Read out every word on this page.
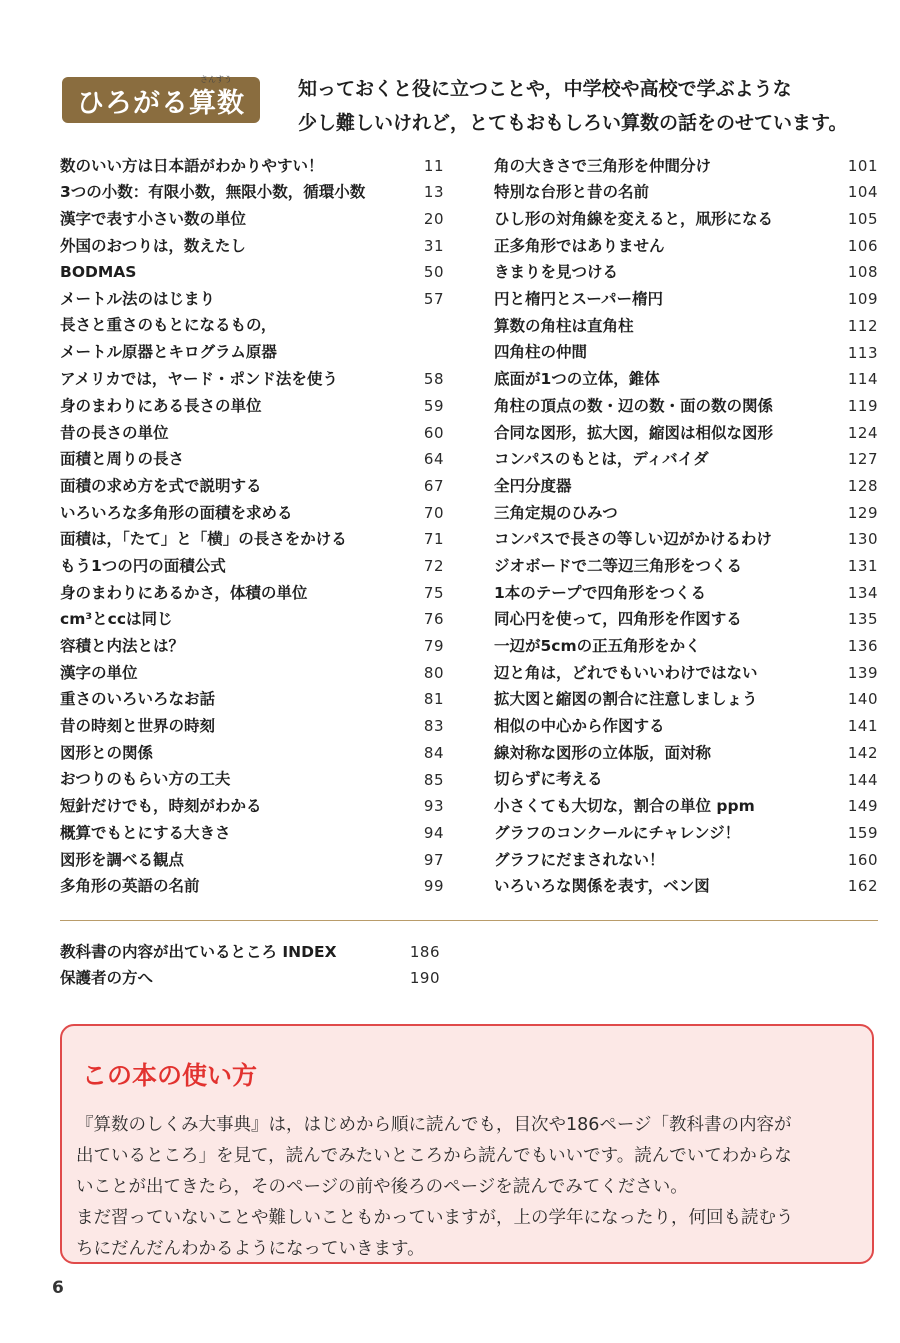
ひろがる算数
さんすう	知っておくと役に立つことや，中学校や高校で学ぶような
少し難しいけれど，とてもおもしろい算数の話をのせています。
数のいい方は日本語がわかりやすい！	11
3つの小数：有限小数，無限小数，循環小数	13
漢字で表す小さい数の単位	20
外国のおつりは，数えたし	31
BODMAS	50
メートル法のはじまり	57
長さと重さのもとになるもの，
メートル原器とキログラム原器
アメリカでは，ヤード・ポンド法を使う	58
身のまわりにある長さの単位	59
昔の長さの単位	60
面積と周りの長さ	64
面積の求め方を式で説明する	67
いろいろな多角形の面積を求める	70
面積は，「たて」と「横」の長さをかける	71
もう1つの円の面積公式	72
身のまわりにあるかさ，体積の単位	75
cm³とccは同じ	76
容積と内法とは？	79
漢字の単位	80
重さのいろいろなお話	81
昔の時刻と世界の時刻	83
図形との関係	84
おつりのもらい方の工夫	85
短針だけでも，時刻がわかる	93
概算でもとにする大きさ	94
図形を調べる観点	97
多角形の英語の名前	99
角の大きさで三角形を仲間分け	101
特別な台形と昔の名前	104
ひし形の対角線を変えると，凧形になる	105
正多角形ではありません	106
きまりを見つける	108
円と楕円とスーパー楕円	109
算数の角柱は直角柱	112
四角柱の仲間	113
底面が1つの立体，錐体	114
角柱の頂点の数・辺の数・面の数の関係	119
合同な図形，拡大図，縮図は相似な図形	124
コンパスのもとは，ディバイダ	127
全円分度器	128
三角定規のひみつ	129
コンパスで長さの等しい辺がかけるわけ	130
ジオボードで二等辺三角形をつくる	131
1本のテープで四角形をつくる	134
同心円を使って，四角形を作図する	135
一辺が5cmの正五角形をかく	136
辺と角は，どれでもいいわけではない	139
拡大図と縮図の割合に注意しましょう	140
相似の中心から作図する	141
線対称な図形の立体版，面対称	142
切らずに考える	144
小さくても大切な，割合の単位 ppm	149
グラフのコンクールにチャレンジ！	159
グラフにだまされない！	160
いろいろな関係を表す，ベン図	162
教科書の内容が出ているところ INDEX	186
保護者の方へ	190
この本の使い方
『算数のしくみ大事典』は，はじめから順に読んでも，目次や186ページ「教科書の内容が
出ているところ」を見て，読んでみたいところから読んでもいいです。読んでいてわからな
いことが出てきたら，そのページの前や後ろのページを読んでみてください。
まだ習っていないことや難しいこともかっていますが，上の学年になったり，何回も読むう
ちにだんだんわかるようになっていきます。
6
